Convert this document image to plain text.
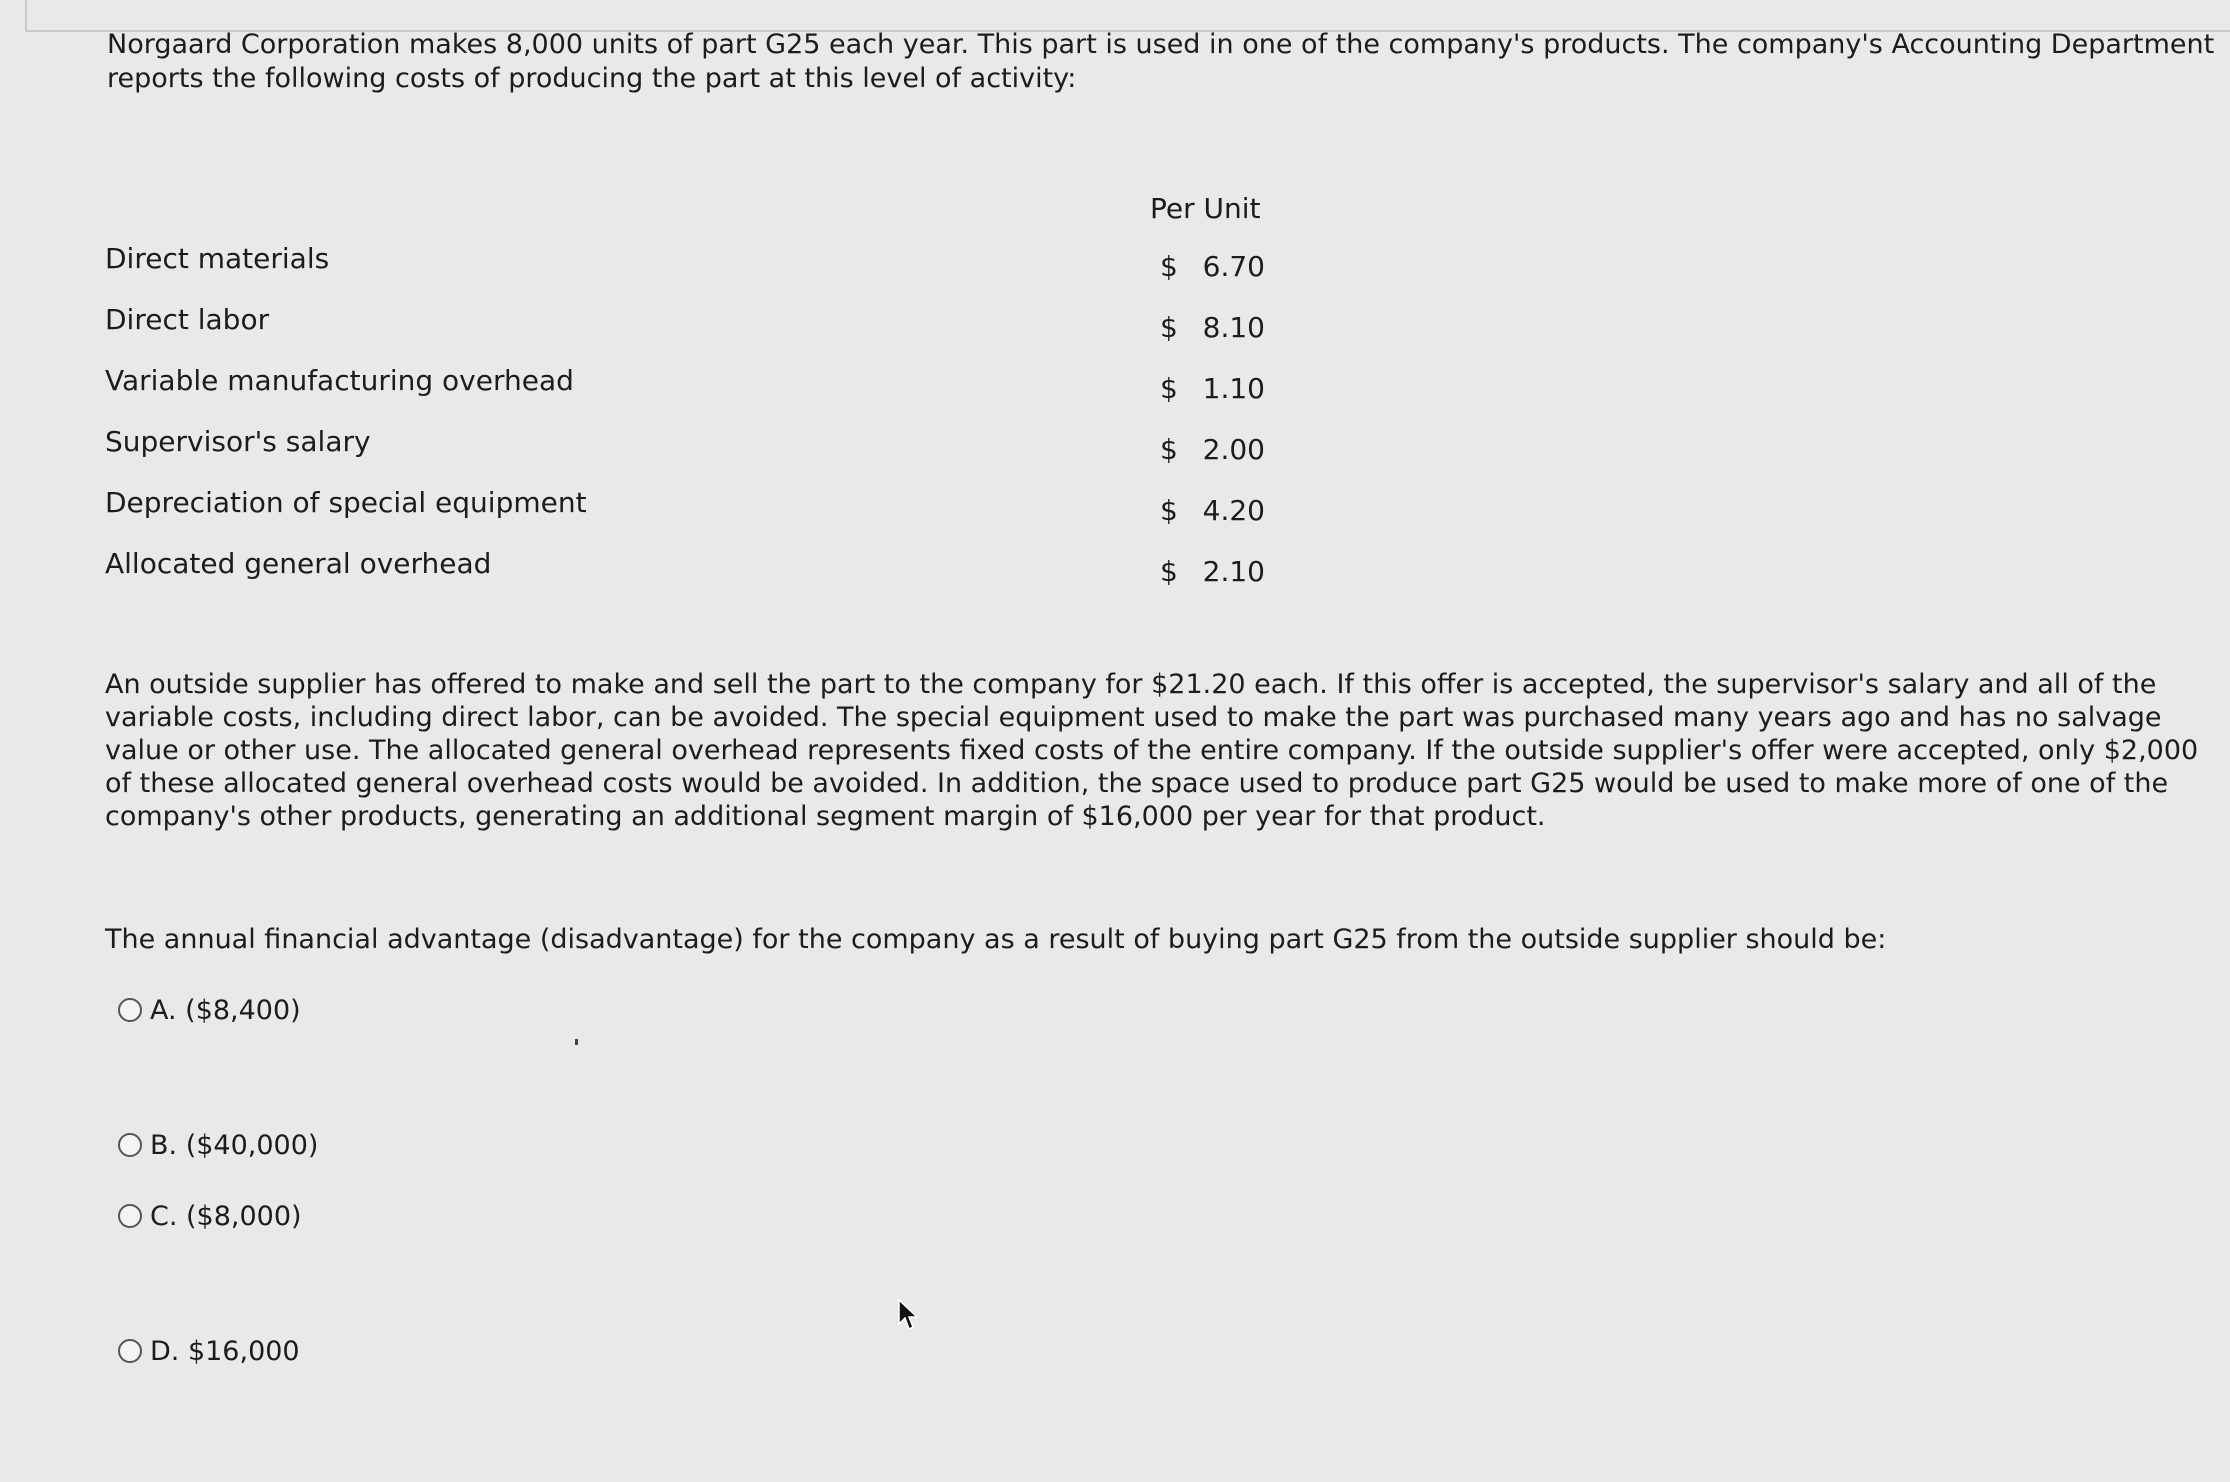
Norgaard Corporation makes 8,000 units of part G25 each year. This part is used in one of the company's products. The company's Accounting Department reports the following costs of producing the part at this level of activity:

Per Unit
Direct materials	$ 6.70
Direct labor	$ 8.10
Variable manufacturing overhead	$ 1.10
Supervisor's salary	$ 2.00
Depreciation of special equipment	$ 4.20
Allocated general overhead	$ 2.10

An outside supplier has offered to make and sell the part to the company for $21.20 each. If this offer is accepted, the supervisor's salary and all of the variable costs, including direct labor, can be avoided. The special equipment used to make the part was purchased many years ago and has no salvage value or other use. The allocated general overhead represents fixed costs of the entire company. If the outside supplier's offer were accepted, only $2,000 of these allocated general overhead costs would be avoided. In addition, the space used to produce part G25 would be used to make more of one of the company's other products, generating an additional segment margin of $16,000 per year for that product.

The annual financial advantage (disadvantage) for the company as a result of buying part G25 from the outside supplier should be:

A. ($8,400)
B. ($40,000)
C. ($8,000)
D. $16,000
